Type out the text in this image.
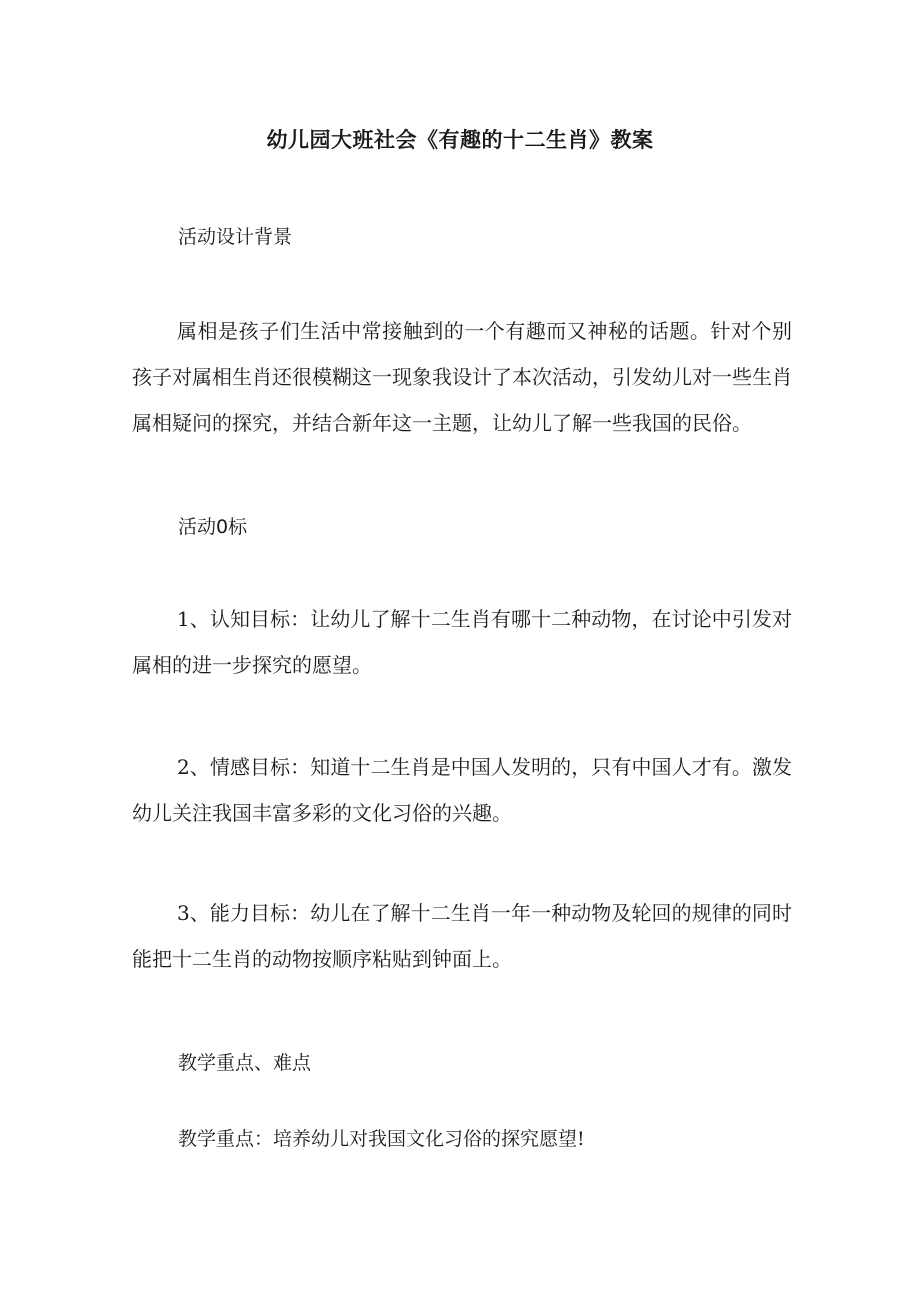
幼儿园大班社会《有趣的十二生肖》教案
活动设计背景

属相是孩子们生活中常接触到的一个有趣而又神秘的话题。针对个别孩子对属相生肖还很模糊这一现象我设计了本次活动，引发幼儿对一些生肖属相疑问的探究，并结合新年这一主题，让幼儿了解一些我国的民俗。

活动0标

1、认知目标：让幼儿了解十二生肖有哪十二种动物，在讨论中引发对属相的进一步探究的愿望。

2、情感目标：知道十二生肖是中国人发明的，只有中国人才有。激发幼儿关注我国丰富多彩的文化习俗的兴趣。

3、能力目标：幼儿在了解十二生肖一年一种动物及轮回的规律的同时能把十二生肖的动物按顺序粘贴到钟面上。

教学重点、难点
教学重点：培养幼儿对我国文化习俗的探究愿望!
